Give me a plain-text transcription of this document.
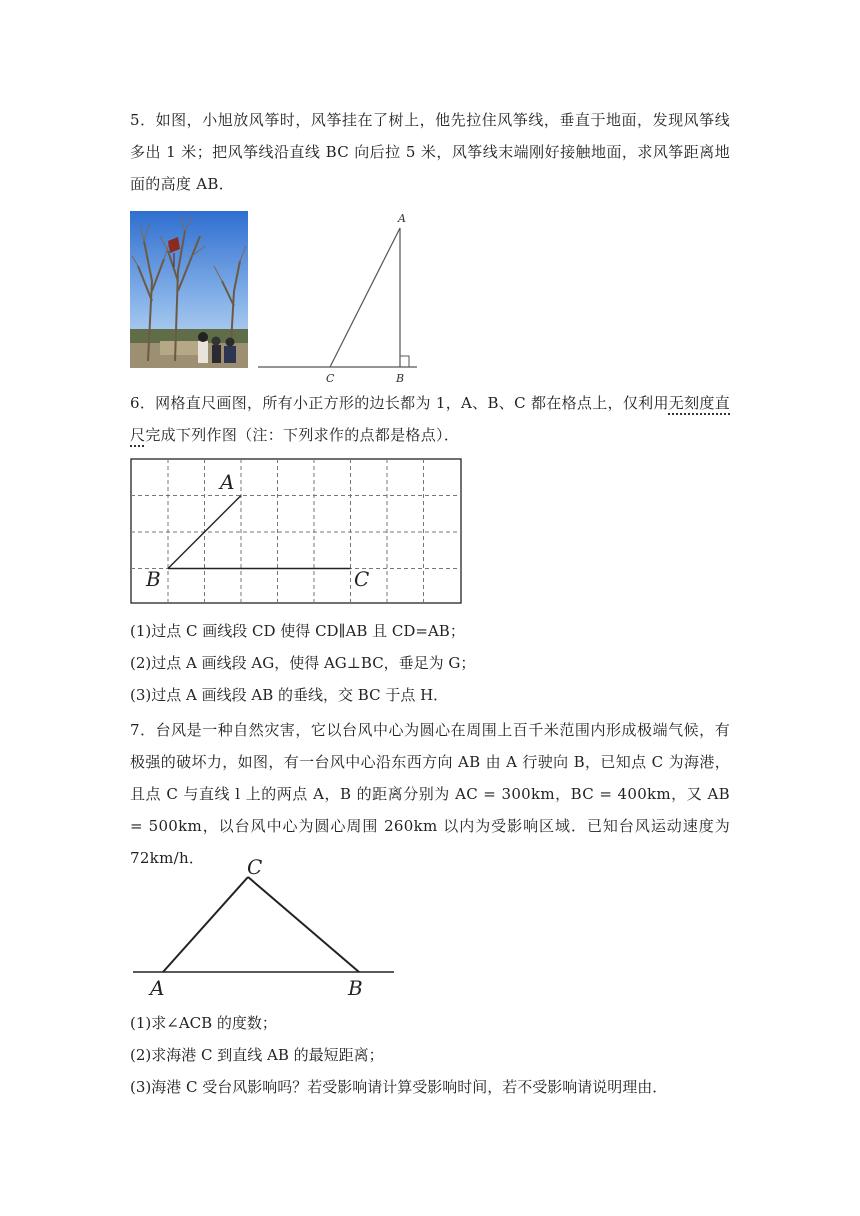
5．如图，小旭放风筝时，风筝挂在了树上，他先拉住风筝线，垂直于地面，发现风筝线多出 1 米；把风筝线沿直线 BC 向后拉 5 米，风筝线末端刚好接触地面，求风筝距离地面的高度 AB．

A
C	B

6．网格直尺画图，所有小正方形的边长都为 1，A、B、C 都在格点上，仅利用无刻度直尺完成下列作图（注：下列求作的点都是格点）．

A
B	C

(1)过点 C 画线段 CD 使得 CD∥AB 且 CD=AB；

(2)过点 A 画线段 AG，使得 AG⊥BC，垂足为 G；

(3)过点 A 画线段 AB 的垂线，交 BC 于点 H．

7．台风是一种自然灾害，它以台风中心为圆心在周围上百千米范围内形成极端气候，有极强的破坏力，如图，有一台风中心沿东西方向 AB 由 A 行驶向 B，已知点 C 为海港，且点 C 与直线 l 上的两点 A，B 的距离分别为 AC = 300km，BC = 400km，又 AB = 500km，以台风中心为圆心周围 260km 以内为受影响区域．已知台风运动速度为 72km/h．	C
A	B

(1)求∠ACB 的度数；

(2)求海港 C 到直线 AB 的最短距离；

(3)海港 C 受台风影响吗？若受影响请计算受影响时间，若不受影响请说明理由．
